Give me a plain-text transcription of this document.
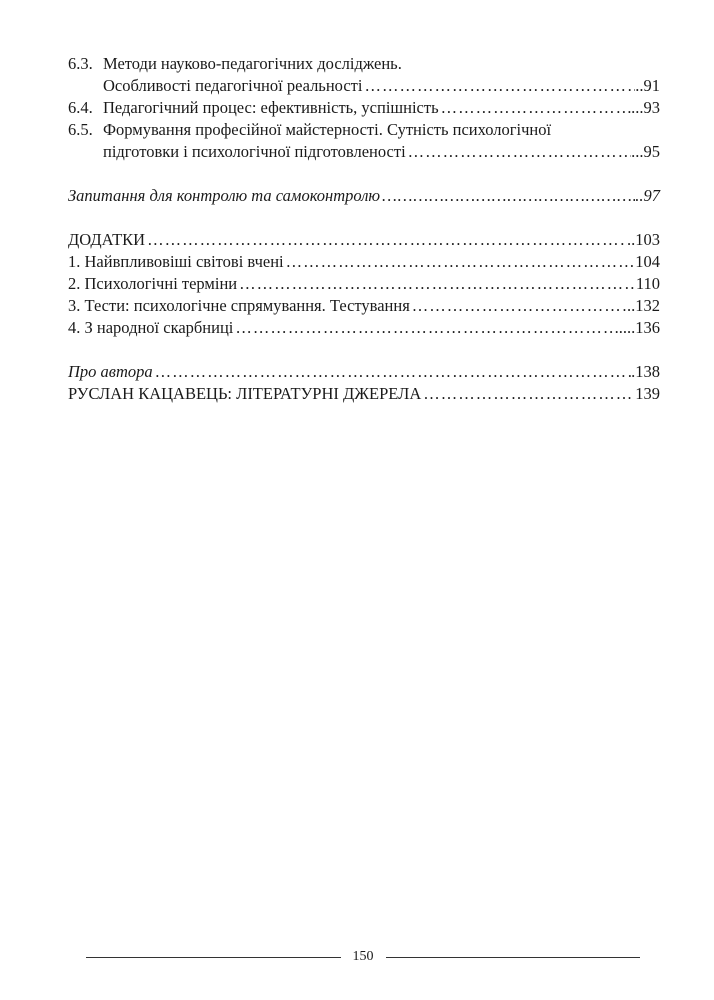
6.3. Методи науково-педагогічних досліджень.
Особливості педагогічної реальності ………………………………………………………………………………………………………………………………………………………………	..91
6.4. Педагогічний процес: ефективність, успішність ………………………………………………………………………………………………………………………………………………………………	...93
6.5. Формування професійної майстерності. Сутність психологічної
підготовки і психологічної підготовленості ………………………………………………………………………………………………………………………………………………………………	...95
Запитання для контролю та самоконтролю ………………………………………………………………………………………………………………………………………………………………	..97
ДОДАТКИ ………………………………………………………………………………………………………………………………………………………………	..103
1. Найвпливовіші світові вчені ………………………………………………………………………………………………………………………………………………………………	104
2. Психологічні терміни ………………………………………………………………………………………………………………………………………………………………	110
3. Тести: психологічне спрямування. Тестування ………………………………………………………………………………………………………………………………………………………………	..132
4. З народної скарбниці ………………………………………………………………………………………………………………………………………………………………	.....136
Про автора ………………………………………………………………………………………………………………………………………………………………	.138
РУСЛАН КАЦАВЕЦЬ: ЛІТЕРАТУРНІ ДЖЕРЕЛА ………………………………………………………………………………………………………………………………………………………………	139
150
